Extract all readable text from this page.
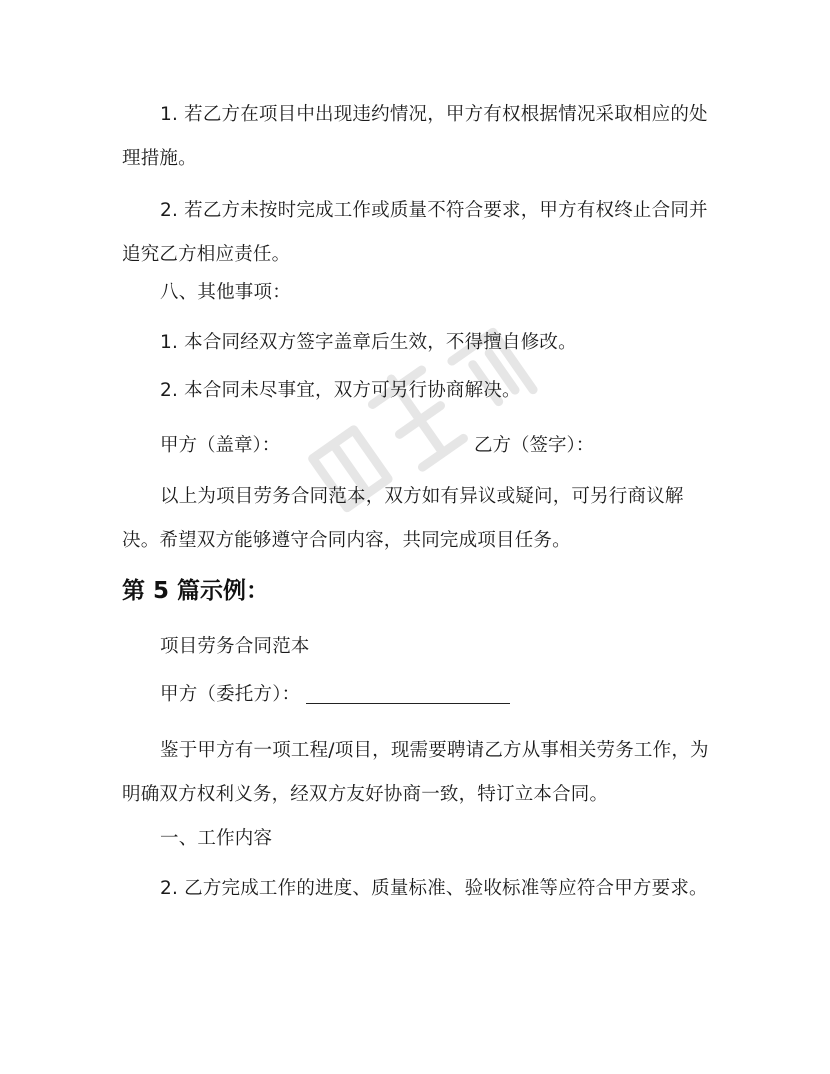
1. 若乙方在项目中出现违约情况，甲方有权根据情况采取相应的处理措施。

2. 若乙方未按时完成工作或质量不符合要求，甲方有权终止合同并追究乙方相应责任。

八、其他事项：

1. 本合同经双方签字盖章后生效，不得擅自修改。

2. 本合同未尽事宜，双方可另行协商解决。

甲方（盖章）：	乙方（签字）：

以上为项目劳务合同范本，双方如有异议或疑问，可另行商议解决。希望双方能够遵守合同内容，共同完成项目任务。

第 5 篇示例：

项目劳务合同范本

甲方（委托方）：

鉴于甲方有一项工程/项目，现需要聘请乙方从事相关劳务工作，为明确双方权利义务，经双方友好协商一致，特订立本合同。

一、工作内容

2. 乙方完成工作的进度、质量标准、验收标准等应符合甲方要求。
